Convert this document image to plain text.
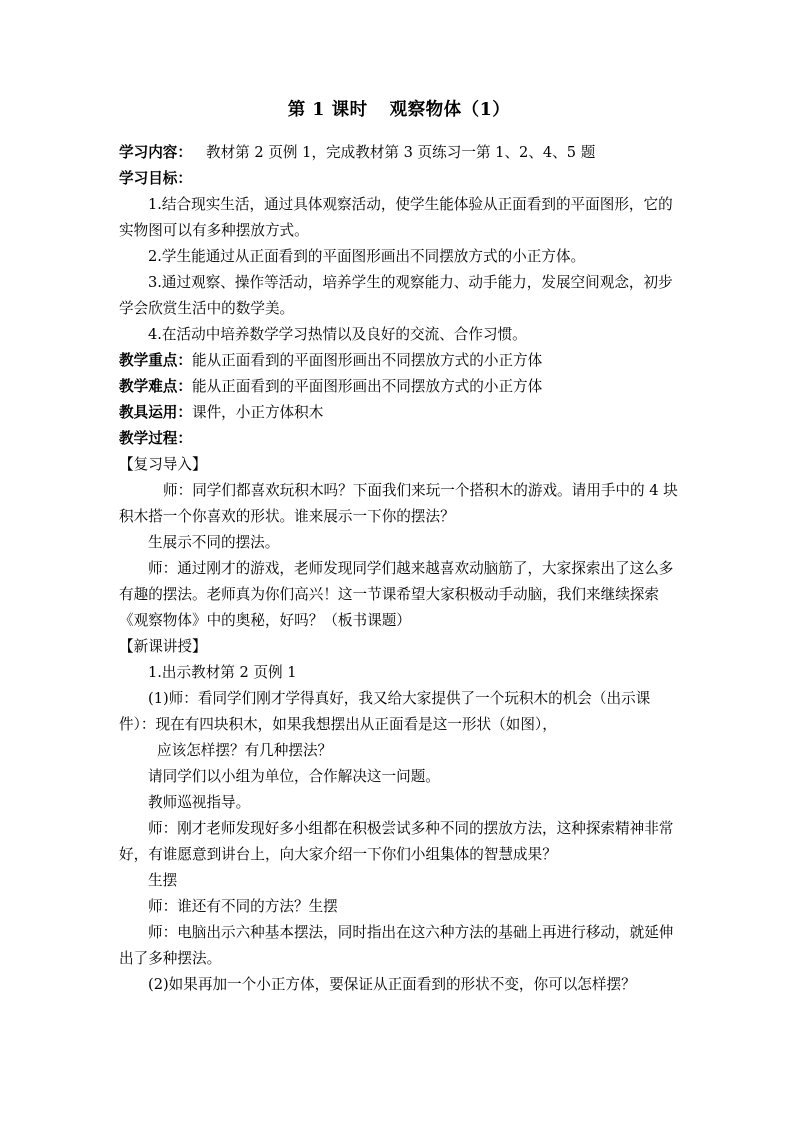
第 1 课时 观察物体（1）

学习内容： 教材第 2 页例 1，完成教材第 3 页练习一第 1、2、4、5 题

学习目标：

1.结合现实生活，通过具体观察活动，使学生能体验从正面看到的平面图形，它的实物图可以有多种摆放方式。

2.学生能通过从正面看到的平面图形画出不同摆放方式的小正方体。

3.通过观察、操作等活动，培养学生的观察能力、动手能力，发展空间观念，初步学会欣赏生活中的数学美。

4.在活动中培养数学学习热情以及良好的交流、合作习惯。

教学重点：能从正面看到的平面图形画出不同摆放方式的小正方体

教学难点：能从正面看到的平面图形画出不同摆放方式的小正方体

教具运用：课件，小正方体积木

教学过程：

【复习导入】

师：同学们都喜欢玩积木吗？下面我们来玩一个搭积木的游戏。请用手中的 4 块积木搭一个你喜欢的形状。谁来展示一下你的摆法？

生展示不同的摆法。

师：通过刚才的游戏，老师发现同学们越来越喜欢动脑筋了，大家探索出了这么多有趣的摆法。老师真为你们高兴！这一节课希望大家积极动手动脑，我们来继续探索《观察物体》中的奥秘，好吗？（板书课题）

【新课讲授】

1.出示教材第 2 页例 1

(1)师：看同学们刚才学得真好，我又给大家提供了一个玩积木的机会（出示课件）：现在有四块积木，如果我想摆出从正面看是这一形状（如图），

应该怎样摆？有几种摆法？

请同学们以小组为单位，合作解决这一问题。

教师巡视指导。

师：刚才老师发现好多小组都在积极尝试多种不同的摆放方法，这种探索精神非常好，有谁愿意到讲台上，向大家介绍一下你们小组集体的智慧成果？

生摆

师：谁还有不同的方法？生摆

师：电脑出示六种基本摆法，同时指出在这六种方法的基础上再进行移动，就延伸出了多种摆法。

(2)如果再加一个小正方体，要保证从正面看到的形状不变，你可以怎样摆？
